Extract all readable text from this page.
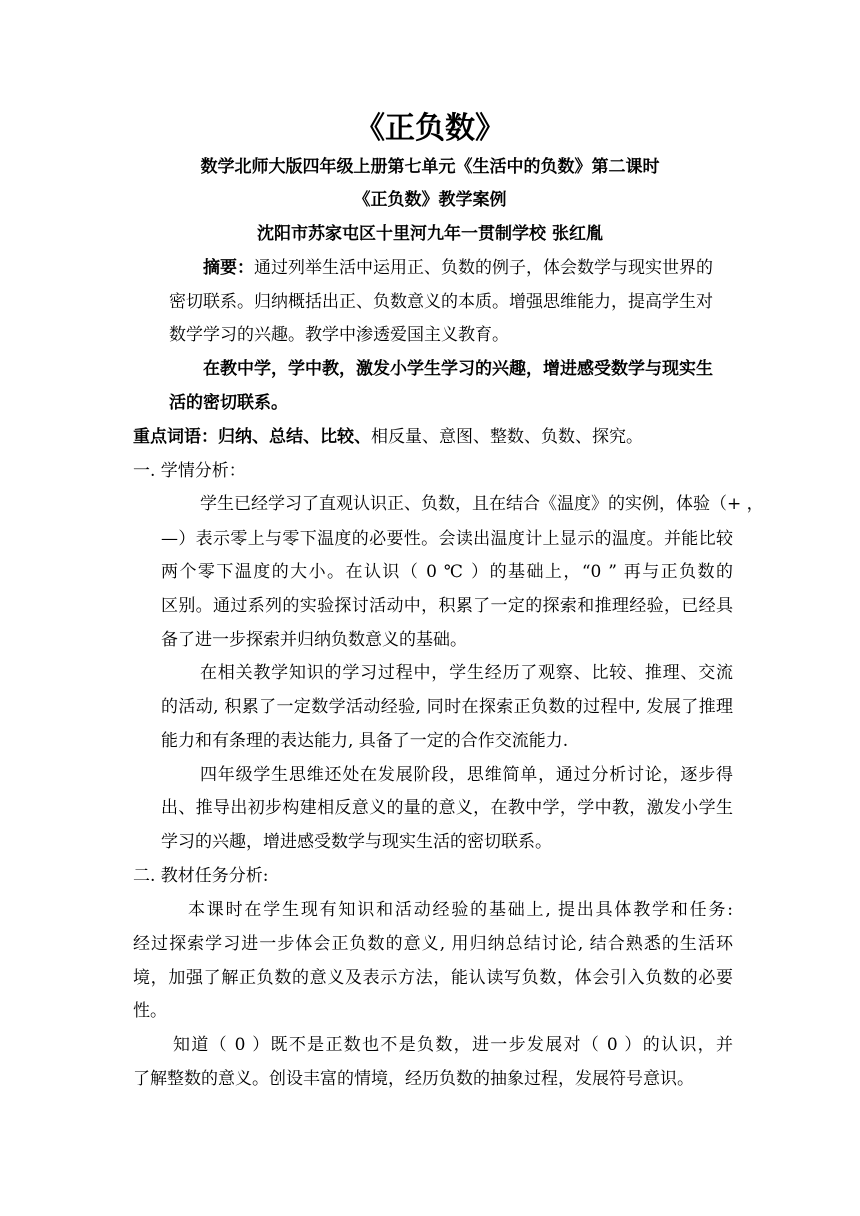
《正负数》
数学北师大版四年级上册第七单元《生活中的负数》第二课时
《正负数》教学案例
沈阳市苏家屯区十里河九年一贯制学校 张红胤
摘要：通过列举生活中运用正、负数的例子，体会数学与现实世界的
密切联系。归纳概括出正、负数意义的本质。增强思维能力，提高学生对
数学学习的兴趣。教学中渗透爱国主义教育。
在教中学，学中教，激发小学生学习的兴趣，增进感受数学与现实生
活的密切联系。
重点词语：归纳、总结、比较、相反量、意图、整数、负数、探究。
一. 学情分析：
学生已经学习了直观认识正、负数，且在结合《温度》的实例，体验（+ ，
—）表示零上与零下温度的必要性。会读出温度计上显示的温度。并能比较
两个零下温度的大小。在认识（ 0 ℃ ）的基础上，“0 ” 再与正负数的
区别。通过系列的实验探讨活动中，积累了一定的探索和推理经验，已经具
备了进一步探索并归纳负数意义的基础。
在相关教学知识的学习过程中，学生经历了观察、比较、推理、交流
的活动, 积累了一定数学活动经验, 同时在探索正负数的过程中, 发展了推理
能力和有条理的表达能力, 具备了一定的合作交流能力.
四年级学生思维还处在发展阶段，思维简单，通过分析讨论，逐步得
出、推导出初步构建相反意义的量的意义，在教中学，学中教，激发小学生
学习的兴趣，增进感受数学与现实生活的密切联系。
二. 教材任务分析:
本课时在学生现有知识和活动经验的基础上, 提出具体教学和任务:
经过探索学习进一步体会正负数的意义, 用归纳总结讨论, 结合熟悉的生活环
境，加强了解正负数的意义及表示方法，能认读写负数，体会引入负数的必要
性。
知道（ 0 ）既不是正数也不是负数，进一步发展对（ 0 ）的认识，并
了解整数的意义。创设丰富的情境，经历负数的抽象过程，发展符号意识。
